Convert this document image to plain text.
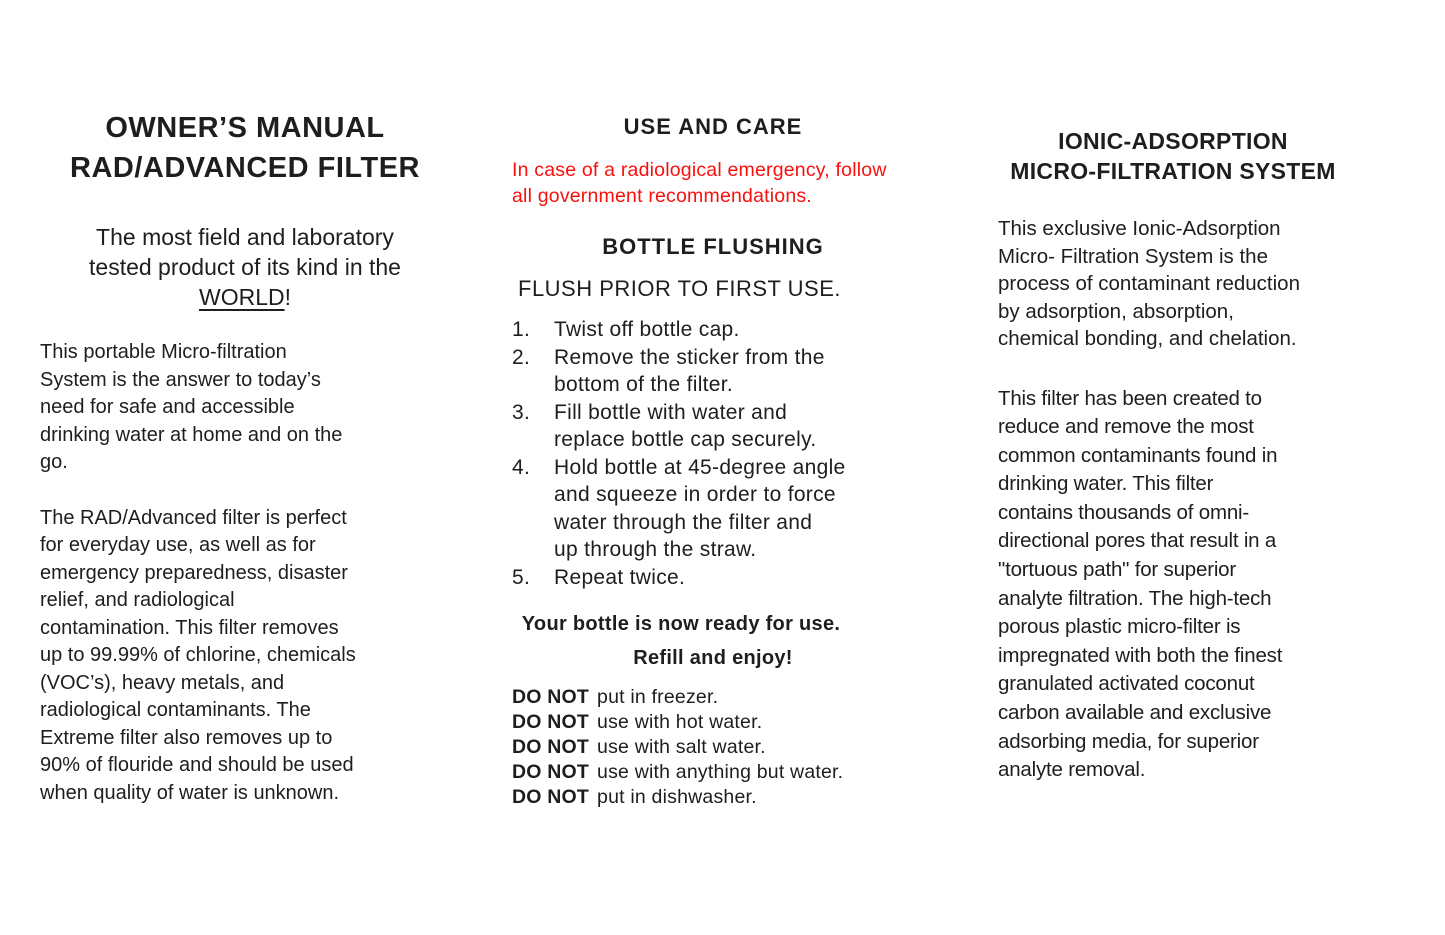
OWNER’S MANUAL
RAD/ADVANCED FILTER
The most field and laboratory
tested product of its kind in the
WORLD!
This portable Micro-filtration
System is the answer to today’s
need for safe and accessible
drinking water at home and on the
go.
The RAD/Advanced filter is perfect
for everyday use, as well as for
emergency preparedness, disaster
relief, and radiological
contamination. This filter removes
up to 99.99% of chlorine, chemicals
(VOC’s), heavy metals, and
radiological contaminants. The
Extreme filter also removes up to
90% of flouride and should be used
when quality of water is unknown.
USE AND CARE
In case of a radiological emergency, follow
all government recommendations.
BOTTLE FLUSHING
FLUSH PRIOR TO FIRST USE.
1.	Twist off bottle cap.
2.	Remove the sticker from the
bottom of the filter.
3.	Fill bottle with water and
replace bottle cap securely.
4.	Hold bottle at 45-degree angle
and squeeze in order to force
water through the filter and
up through the straw.
5.	Repeat twice.
Your bottle is now ready for use.
Refill and enjoy!
DO NOT put in freezer.
DO NOT use with hot water.
DO NOT use with salt water.
DO NOT use with anything but water.
DO NOT put in dishwasher.
IONIC-ADSORPTION
MICRO-FILTRATION SYSTEM
This exclusive Ionic-Adsorption
Micro- Filtration System is the
process of contaminant reduction
by adsorption, absorption,
chemical bonding, and chelation.
This filter has been created to
reduce and remove the most
common contaminants found in
drinking water. This filter
contains thousands of omni-
directional pores that result in a
"tortuous path" for superior
analyte filtration. The high-tech
porous plastic micro-filter is
impregnated with both the finest
granulated activated coconut
carbon available and exclusive
adsorbing media, for superior
analyte removal.
